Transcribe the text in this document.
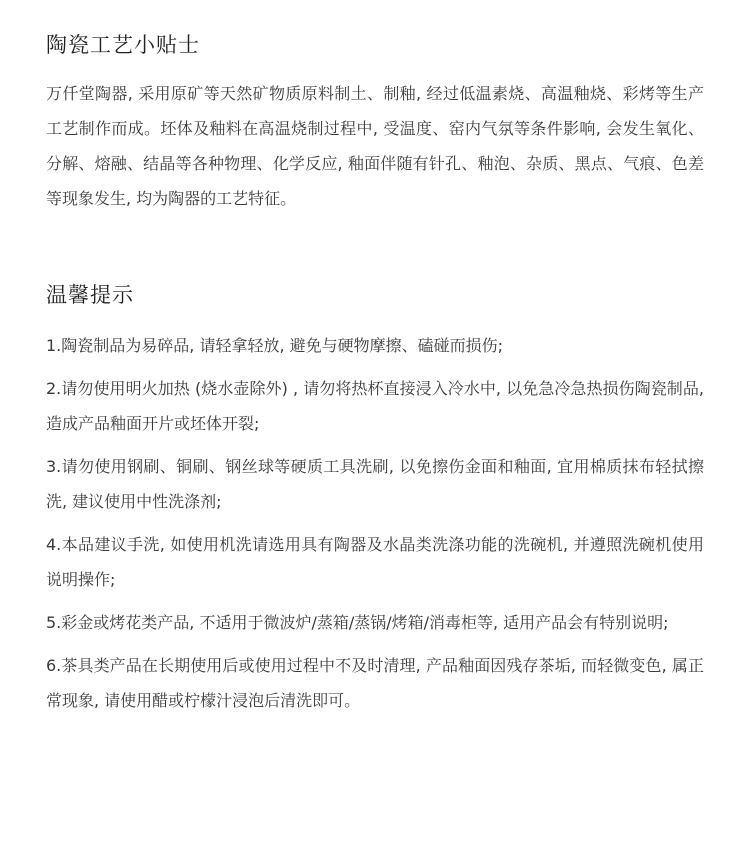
陶瓷工艺小贴士

万仟堂陶器, 采用原矿等天然矿物质原料制土、制釉, 经过低温素烧、高温釉烧、彩烤等生产工艺制作而成。坯体及釉料在高温烧制过程中, 受温度、窑内气氛等条件影响, 会发生氧化、分解、熔融、结晶等各种物理、化学反应, 釉面伴随有针孔、釉泡、杂质、黑点、气痕、色差等现象发生, 均为陶器的工艺特征。

温馨提示
1.陶瓷制品为易碎品, 请轻拿轻放, 避免与硬物摩擦、磕碰而损伤;
2.请勿使用明火加热 (烧水壶除外) , 请勿将热杯直接浸入冷水中, 以免急冷急热损伤陶瓷制品, 造成产品釉面开片或坯体开裂;
3.请勿使用钢刷、铜刷、钢丝球等硬质工具洗刷, 以免擦伤金面和釉面, 宜用棉质抹布轻拭擦洗, 建议使用中性洗涤剂;
4.本品建议手洗, 如使用机洗请选用具有陶器及水晶类洗涤功能的洗碗机, 并遵照洗碗机使用说明操作;
5.彩金或烤花类产品, 不适用于微波炉/蒸箱/蒸锅/烤箱/消毒柜等, 适用产品会有特别说明;
6.茶具类产品在长期使用后或使用过程中不及时清理, 产品釉面因残存茶垢, 而轻微变色, 属正常现象, 请使用醋或柠檬汁浸泡后清洗即可。
